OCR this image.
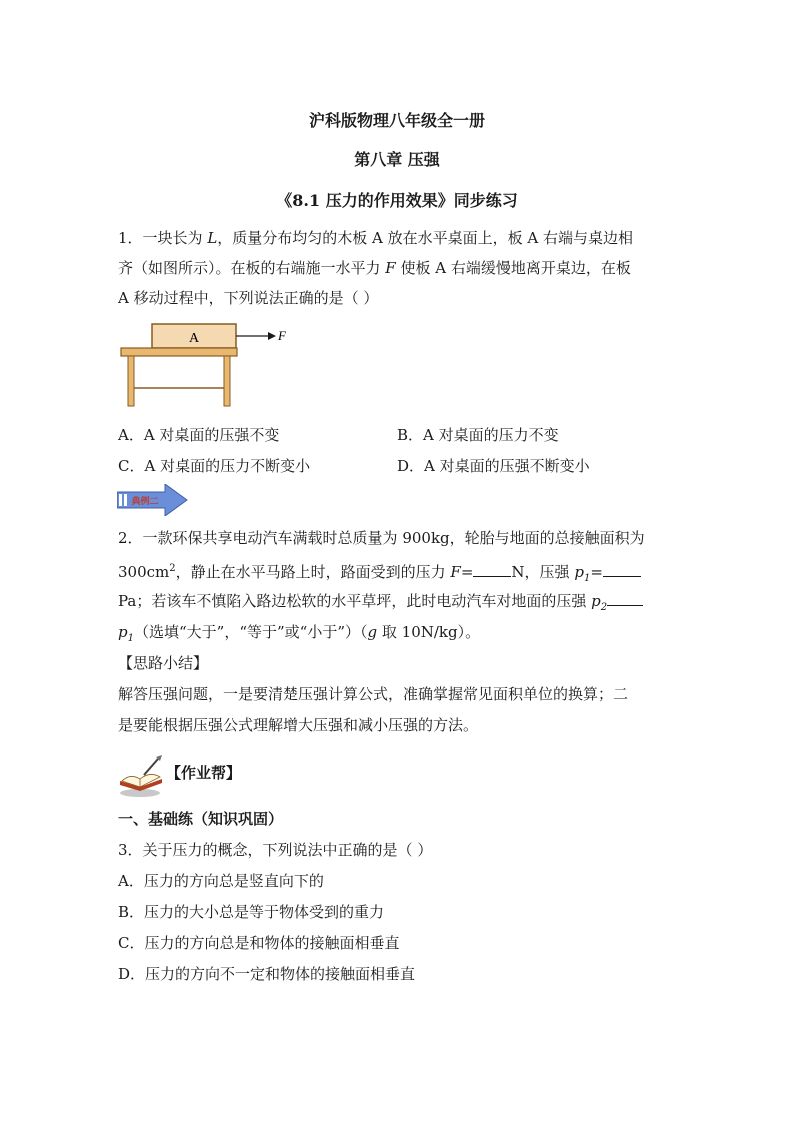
沪科版物理八年级全一册
第八章 压强
《8.1 压力的作用效果》同步练习
1．一块长为 L，质量分布均匀的木板 A 放在水平桌面上，板 A 右端与桌边相
齐（如图所示）。在板的右端施一水平力 F 使板 A 右端缓慢地离开桌边，在板
A 移动过程中，下列说法正确的是（ ）
A	F
A．A 对桌面的压强不变	B．A 对桌面的压力不变
C．A 对桌面的压力不断变小	D．A 对桌面的压强不断变小
典例二
2．一款环保共享电动汽车满载时总质量为 900kg，轮胎与地面的总接触面积为
$300cm^2$，静止在水平马路上时，路面受到的压力 F=	N，压强 $p_1=$
Pa；若该车不慎陷入路边松软的水平草坪，此时电动汽车对地面的压强 $p_2$
$p_1$（选填“大于”，“等于”或“小于”）（g 取 10N/kg）。
【思路小结】
解答压强问题，一是要清楚压强计算公式，准确掌握常见面积单位的换算；二
是要能根据压强公式理解增大压强和减小压强的方法。
【作业帮】
一、基础练（知识巩固）
3．关于压力的概念，下列说法中正确的是（ ）
A．压力的方向总是竖直向下的
B．压力的大小总是等于物体受到的重力
C．压力的方向总是和物体的接触面相垂直
D．压力的方向不一定和物体的接触面相垂直
